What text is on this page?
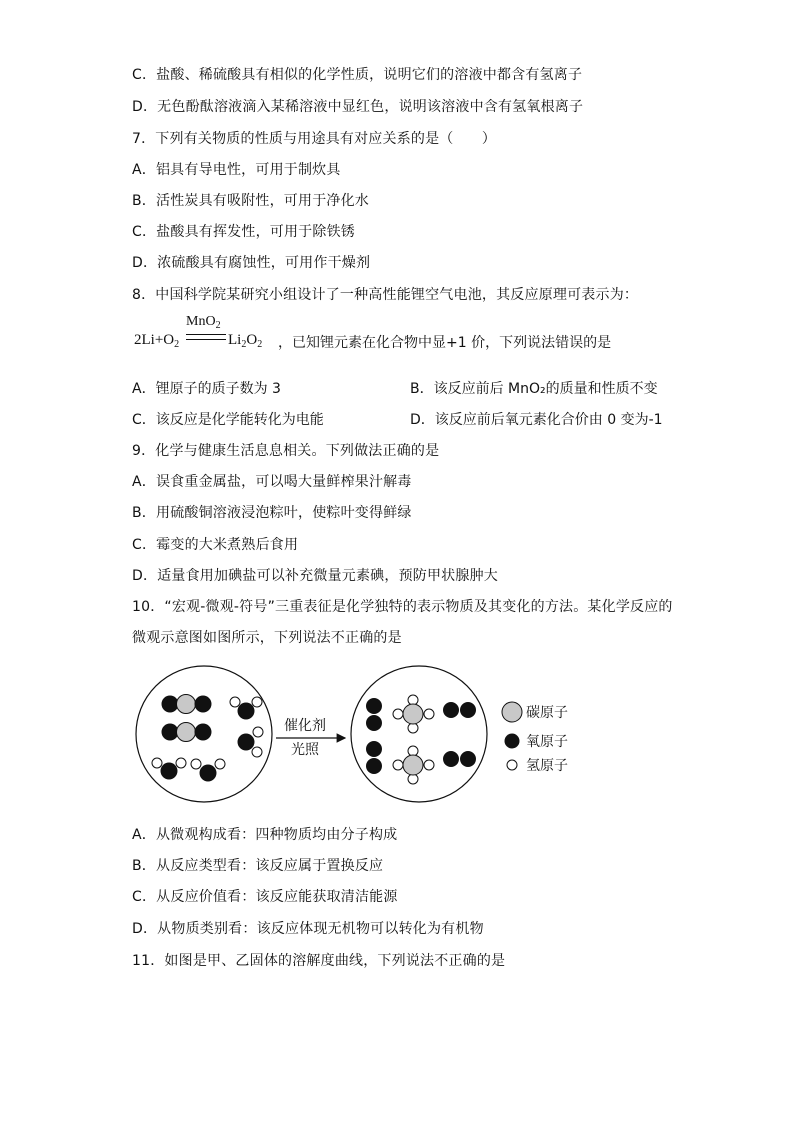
C．盐酸、稀硫酸具有相似的化学性质，说明它们的溶液中都含有氢离子
D．无色酚酞溶液滴入某稀溶液中显红色，说明该溶液中含有氢氧根离子
7．下列有关物质的性质与用途具有对应关系的是（　　）
A．铝具有导电性，可用于制炊具
B．活性炭具有吸附性，可用于净化水
C．盐酸具有挥发性，可用于除铁锈
D．浓硫酸具有腐蚀性，可用作干燥剂
8．中国科学院某研究小组设计了一种高性能锂空气电池，其反应原理可表示为：
$2Li+O_2$
MnO$_2$
$Li_2O_2$ ，已知锂元素在化合物中显+1 价，下列说法错误的是
A．锂原子的质子数为 3	B．该反应前后 MnO₂的质量和性质不变
C．该反应是化学能转化为电能	D．该反应前后氧元素化合价由 0 变为-1
9．化学与健康生活息息相关。下列做法正确的是
A．误食重金属盐，可以喝大量鲜榨果汁解毒
B．用硫酸铜溶液浸泡粽叶，使粽叶变得鲜绿
C．霉变的大米煮熟后食用
D．适量食用加碘盐可以补充微量元素碘，预防甲状腺肿大
10．“宏观-微观-符号”三重表征是化学独特的表示物质及其变化的方法。某化学反应的
微观示意图如图所示，下列说法不正确的是
催化剂
光照
碳原子
氧原子
氢原子
A．从微观构成看：四种物质均由分子构成
B．从反应类型看：该反应属于置换反应
C．从反应价值看：该反应能获取清洁能源
D．从物质类别看：该反应体现无机物可以转化为有机物
11．如图是甲、乙固体的溶解度曲线，下列说法不正确的是
